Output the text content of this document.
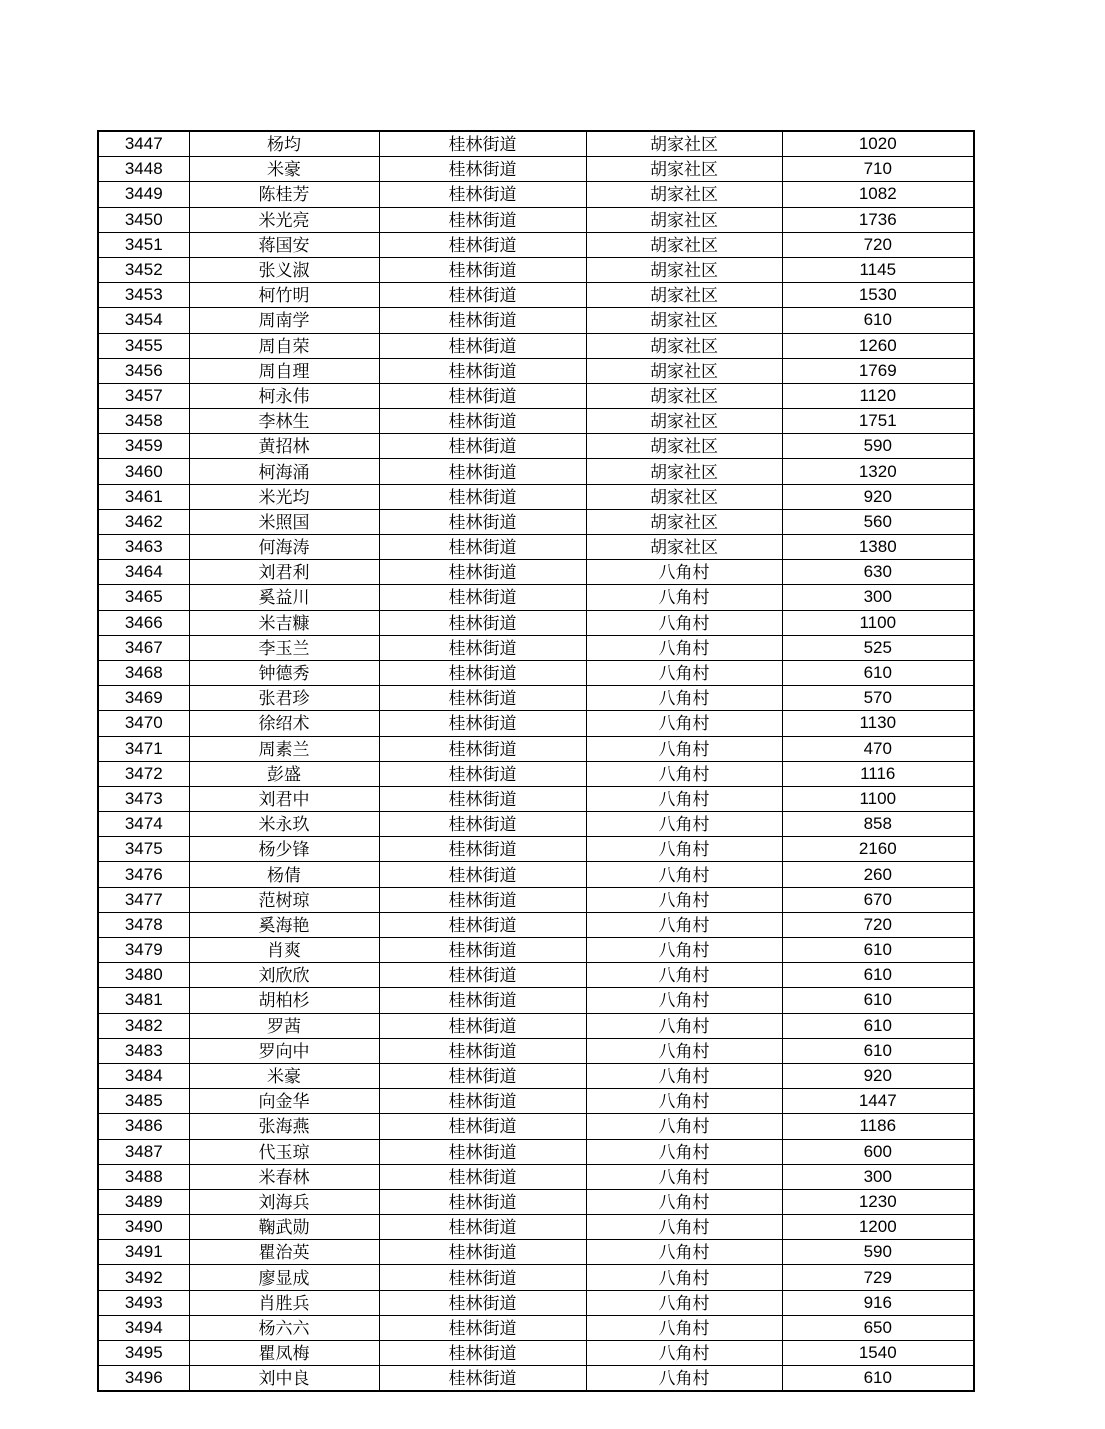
3447	杨均	桂林街道	胡家社区	1020
3448	米豪	桂林街道	胡家社区	710
3449	陈桂芳	桂林街道	胡家社区	1082
3450	米光亮	桂林街道	胡家社区	1736
3451	蒋国安	桂林街道	胡家社区	720
3452	张义淑	桂林街道	胡家社区	1145
3453	柯竹明	桂林街道	胡家社区	1530
3454	周南学	桂林街道	胡家社区	610
3455	周自荣	桂林街道	胡家社区	1260
3456	周自理	桂林街道	胡家社区	1769
3457	柯永伟	桂林街道	胡家社区	1120
3458	李林生	桂林街道	胡家社区	1751
3459	黄招林	桂林街道	胡家社区	590
3460	柯海涌	桂林街道	胡家社区	1320
3461	米光均	桂林街道	胡家社区	920
3462	米照国	桂林街道	胡家社区	560
3463	何海涛	桂林街道	胡家社区	1380
3464	刘君利	桂林街道	八角村	630
3465	奚益川	桂林街道	八角村	300
3466	米吉糠	桂林街道	八角村	1100
3467	李玉兰	桂林街道	八角村	525
3468	钟德秀	桂林街道	八角村	610
3469	张君珍	桂林街道	八角村	570
3470	徐绍术	桂林街道	八角村	1130
3471	周素兰	桂林街道	八角村	470
3472	彭盛	桂林街道	八角村	1116
3473	刘君中	桂林街道	八角村	1100
3474	米永玖	桂林街道	八角村	858
3475	杨少锋	桂林街道	八角村	2160
3476	杨倩	桂林街道	八角村	260
3477	范树琼	桂林街道	八角村	670
3478	奚海艳	桂林街道	八角村	720
3479	肖爽	桂林街道	八角村	610
3480	刘欣欣	桂林街道	八角村	610
3481	胡柏杉	桂林街道	八角村	610
3482	罗茜	桂林街道	八角村	610
3483	罗向中	桂林街道	八角村	610
3484	米豪	桂林街道	八角村	920
3485	向金华	桂林街道	八角村	1447
3486	张海燕	桂林街道	八角村	1186
3487	代玉琼	桂林街道	八角村	600
3488	米春林	桂林街道	八角村	300
3489	刘海兵	桂林街道	八角村	1230
3490	鞠武勋	桂林街道	八角村	1200
3491	瞿治英	桂林街道	八角村	590
3492	廖显成	桂林街道	八角村	729
3493	肖胜兵	桂林街道	八角村	916
3494	杨六六	桂林街道	八角村	650
3495	瞿凤梅	桂林街道	八角村	1540
3496	刘中良	桂林街道	八角村	610
